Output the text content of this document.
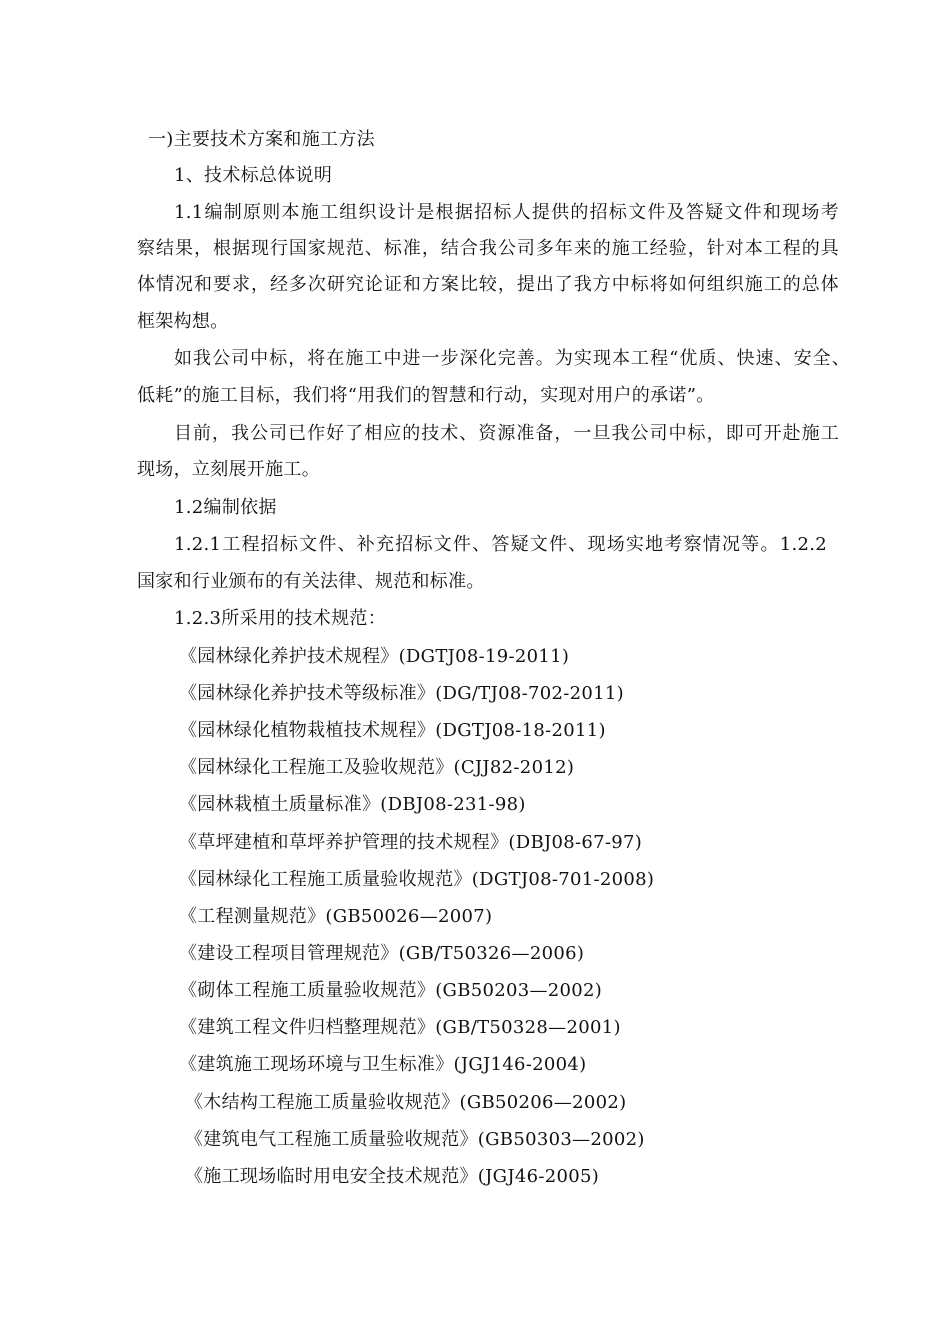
一)主要技术方案和施工方法
1、技术标总体说明
1.1编制原则本施工组织设计是根据招标人提供的招标文件及答疑文件和现场考
察结果，根据现行国家规范、标准，结合我公司多年来的施工经验，针对本工程的具
体情况和要求，经多次研究论证和方案比较，提出了我方中标将如何组织施工的总体
框架构想。
如我公司中标，将在施工中进一步深化完善。为实现本工程“优质、快速、安全、
低耗”的施工目标，我们将“用我们的智慧和行动，实现对用户的承诺”。
目前，我公司已作好了相应的技术、资源准备，一旦我公司中标，即可开赴施工
现场，立刻展开施工。
1.2编制依据
1.2.1工程招标文件、补充招标文件、答疑文件、现场实地考察情况等。1.2.2
国家和行业颁布的有关法律、规范和标准。
1.2.3所采用的技术规范：
《园林绿化养护技术规程》(DGTJ08-19-2011)
《园林绿化养护技术等级标准》(DG/TJ08-702-2011)
《园林绿化植物栽植技术规程》(DGTJ08-18-2011)
《园林绿化工程施工及验收规范》(CJJ82-2012)
《园林栽植土质量标准》(DBJ08-231-98)
《草坪建植和草坪养护管理的技术规程》(DBJ08-67-97)
《园林绿化工程施工质量验收规范》(DGTJ08-701-2008)
《工程测量规范》(GB50026—2007)
《建设工程项目管理规范》(GB/T50326—2006)
《砌体工程施工质量验收规范》(GB50203—2002)
《建筑工程文件归档整理规范》(GB/T50328—2001)
《建筑施工现场环境与卫生标准》(JGJ146-2004)
《木结构工程施工质量验收规范》(GB50206—2002)
《建筑电气工程施工质量验收规范》(GB50303—2002)
《施工现场临时用电安全技术规范》(JGJ46-2005)
